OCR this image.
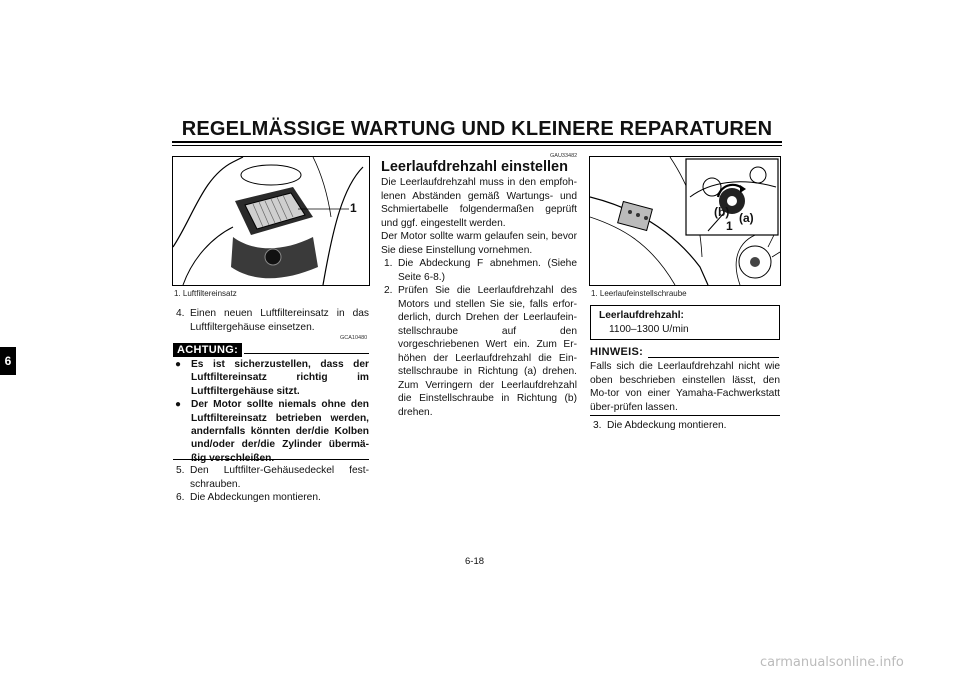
REGELMÄSSIGE WARTUNG UND KLEINERE REPARATUREN
6
1
1. Luftfiltereinsatz
4. Einen neuen Luftfiltereinsatz in das Luftfiltergehäuse einsetzen.
GCA10480
ACHTUNG:
● Es ist sicherzustellen, dass der Luftfiltereinsatz richtig im Luftfiltergehäuse sitzt.
● Der Motor sollte niemals ohne den Luftfiltereinsatz betrieben werden, andernfalls könnten der/die Kolben und/oder der/die Zylinder übermä-
5. Den Luftfilter-Gehäusedeckel fest-schrauben.
6. Die Abdeckungen montieren.
GAU33482
Leerlaufdrehzahl einstellen
Die Leerlaufdrehzahl muss in den empfoh-lenen Abständen gemäß Wartungs- und Schmiertabelle folgendermaßen geprüft und ggf. eingestellt werden.
Der Motor sollte warm gelaufen sein, bevor Sie diese Einstellung vornehmen.
1. Die Abdeckung F abnehmen. (Siehe Seite 6-8.)
2. Prüfen Sie die Leerlaufdrehzahl des Motors und stellen Sie sie, falls erfor-derlich, durch Drehen der Leerlaufein-stellschraube auf den vorgeschriebenen Wert ein. Zum Er-höhen der Leerlaufdrehzahl die Ein-stellschraube in Richtung (a) drehen. Zum Verringern der Leerlaufdrehzahl die Einstellschraube in Richtung (b) drehen.
(b) (a)
1
1. Leerlaufeinstellschraube
Leerlaufdrehzahl:
1100–1300 U/min
HINWEIS:
Falls sich die Leerlaufdrehzahl nicht wie oben beschrieben einstellen lässt, den Mo-tor von einer Yamaha-Fachwerkstatt über-prüfen lassen.
3. Die Abdeckung montieren.
6-18
carmanualsonline.info
